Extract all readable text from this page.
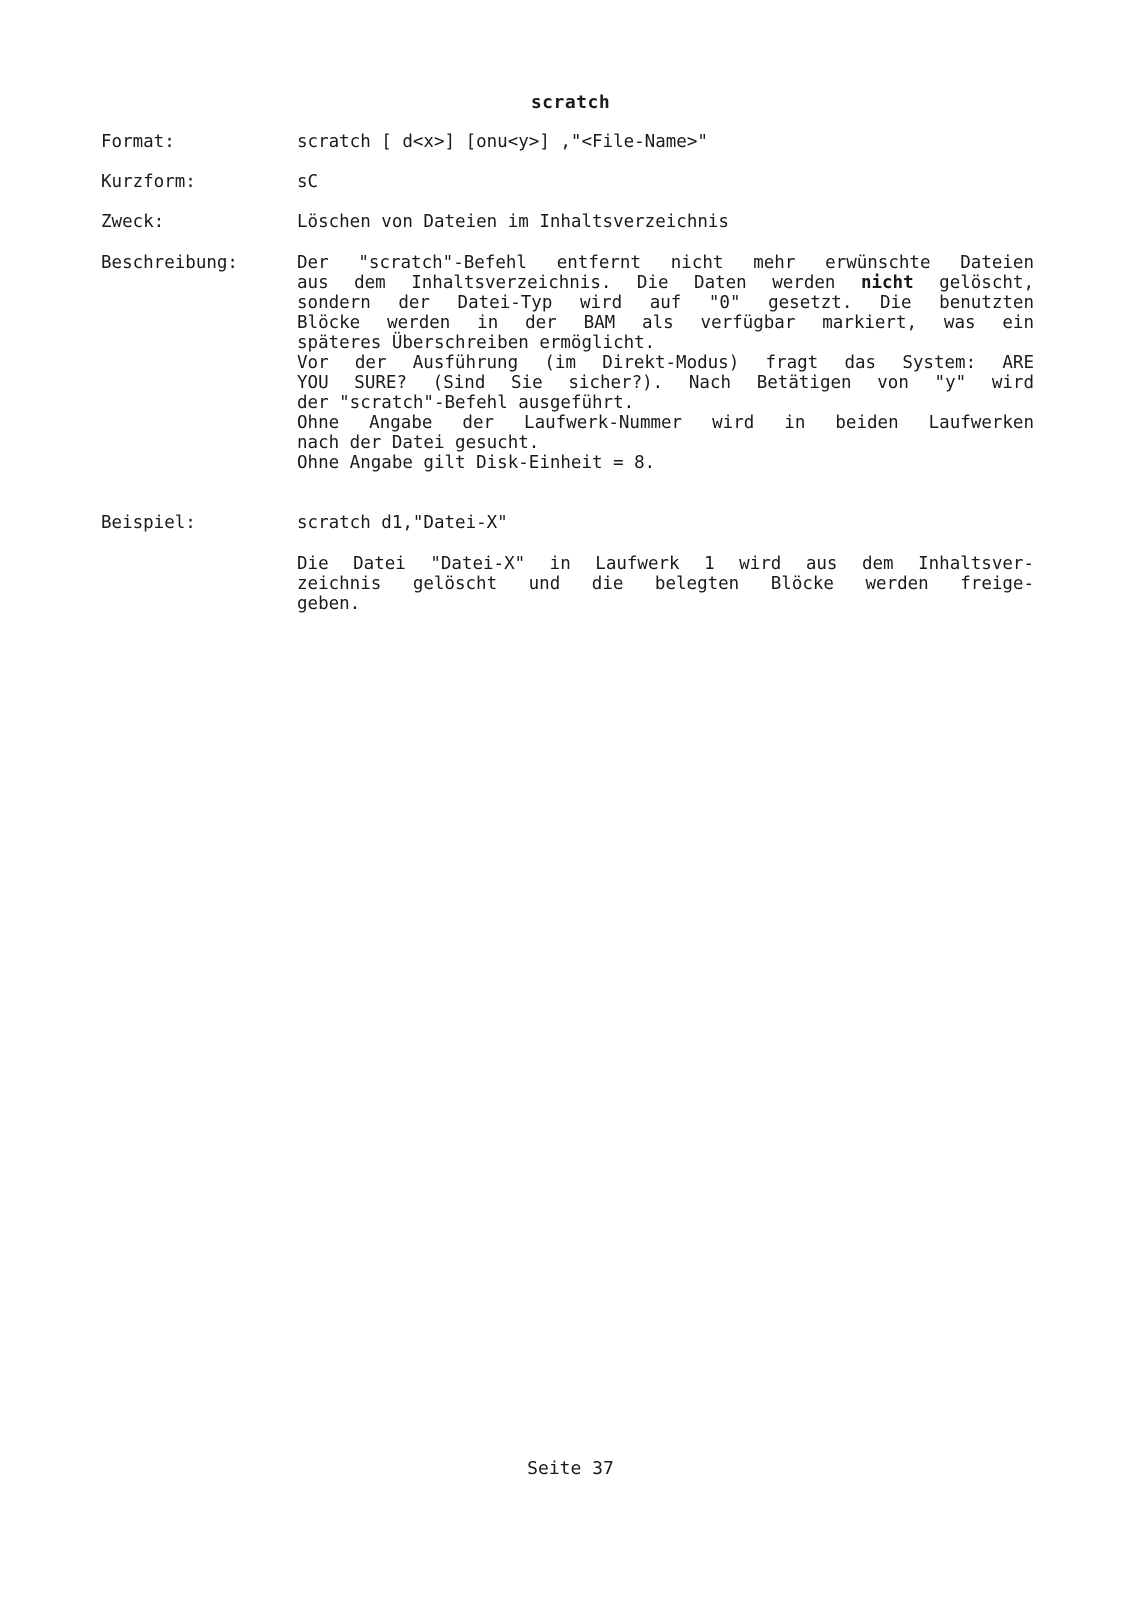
scratch
Format:	scratch [ d<x>] [onu<y>] ,"<File-Name>"
Kurzform:	sC
Zweck:	Löschen von Dateien im Inhaltsverzeichnis
Beschreibung:	Der "scratch"-Befehl entfernt nicht mehr erwünschte Dateien
aus dem Inhaltsverzeichnis. Die Daten werden nicht gelöscht,
sondern der Datei-Typ wird auf "0" gesetzt. Die benutzten
Blöcke werden in der BAM als verfügbar markiert, was ein
späteres Überschreiben ermöglicht.
Vor der Ausführung (im Direkt-Modus) fragt das System: ARE
YOU SURE? (Sind Sie sicher?). Nach Betätigen von "y" wird
der "scratch"-Befehl ausgeführt.
Ohne Angabe der Laufwerk-Nummer wird in beiden Laufwerken
nach der Datei gesucht.
Ohne Angabe gilt Disk-Einheit = 8.
Beispiel:	scratch d1,"Datei-X"
Die Datei "Datei-X" in Laufwerk 1 wird aus dem Inhaltsver-
zeichnis gelöscht und die belegten Blöcke werden freige-
geben.
Seite 37
